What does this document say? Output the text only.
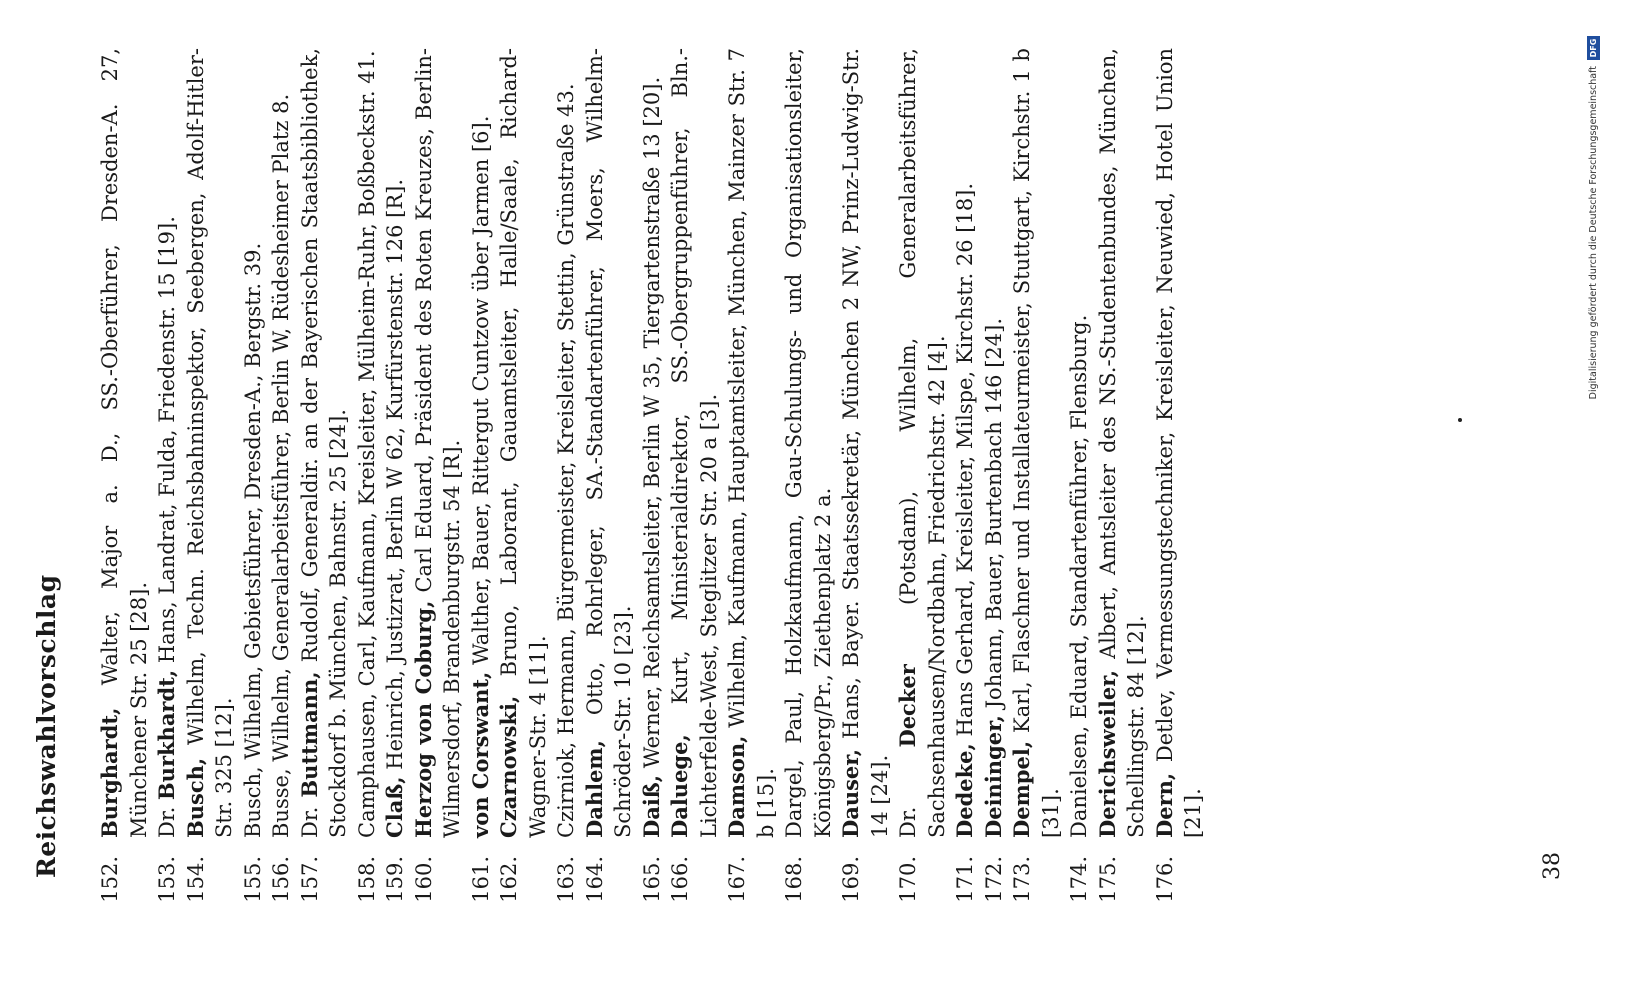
Reichswahlvorschlag
152.
Burghardt, Walter, Major a. D., SS.-Oberführer, Dresden-A. 27, Münchener Str. 25 [28].
153.
Dr. Burkhardt, Hans, Landrat, Fulda, Friedenstr. 15 [19].
154.
Busch, Wilhelm, Techn. Reichsbahninspektor, Seebergen, Adolf-Hitler-Str. 325 [12].
155.
Busch, Wilhelm, Gebietsführer, Dresden-A., Bergstr. 39.
156.
Busse, Wilhelm, Generalarbeitsführer, Berlin W, Rüdesheimer Platz 8.
157.
Dr. Buttmann, Rudolf, Generaldir. an der Bayerischen Staatsbibliothek, Stockdorf b. München, Bahnstr. 25 [24].
158.
Camphausen, Carl, Kaufmann, Kreisleiter, Mülheim-Ruhr, Boßbeckstr. 41.
159.
Claß, Heinrich, Justizrat, Berlin W 62, Kurfürstenstr. 126 [R].
160.
Herzog von Coburg, Carl Eduard, Präsident des Roten Kreuzes, Berlin-Wilmersdorf, Brandenburgstr. 54 [R].
161.
von Corswant, Walther, Bauer, Rittergut Cuntzow über Jarmen [6].
162.
Czarnowski, Bruno, Laborant, Gauamtsleiter, Halle/Saale, Richard-Wagner-Str. 4 [11].
163.
Czirniok, Hermann, Bürgermeister, Kreisleiter, Stettin, Grünstraße 43.
164.
Dahlem, Otto, Rohrleger, SA.-Standartenführer, Moers, Wilhelm-Schröder-Str. 10 [23].
165.
Daiß, Werner, Reichsamtsleiter, Berlin W 35, Tiergartenstraße 13 [20].
166.
Daluege, Kurt, Ministerialdirektor, SS.-Obergruppenführer, Bln.-Lichterfelde-West, Steglitzer Str. 20 a [3].
167.
Damson, Wilhelm, Kaufmann, Hauptamtsleiter, München, Mainzer Str. 7 b [15].
168.
Dargel, Paul, Holzkaufmann, Gau-Schulungs- und Organisationsleiter, Königsberg/Pr., Ziethenplatz 2 a.
169.
Dauser, Hans, Bayer. Staatssekretär, München 2 NW, Prinz-Ludwig-Str. 14 [24].
170.
Dr. Decker (Potsdam), Wilhelm, Generalarbeitsführer, Sachsenhausen/Nordbahn, Friedrichstr. 42 [4].
171.
Dedeke, Hans Gerhard, Kreisleiter, Milspe, Kirchstr. 26 [18].
172.
Deininger, Johann, Bauer, Burtenbach 146 [24].
173.
Dempel, Karl, Flaschner und Installateurmeister, Stuttgart, Kirchstr. 1 b [31].
174.
Danielsen, Eduard, Standartenführer, Flensburg.
175.
Derichsweiler, Albert, Amtsleiter des NS.-Studentenbundes, München, Schellingstr. 84 [12].
176.
Dern, Detlev, Vermessungstechniker, Kreisleiter, Neuwied, Hotel Union [21].
38
Digitalisierung gefördert durch die Deutsche Forschungsgemeinschaft
DFG
